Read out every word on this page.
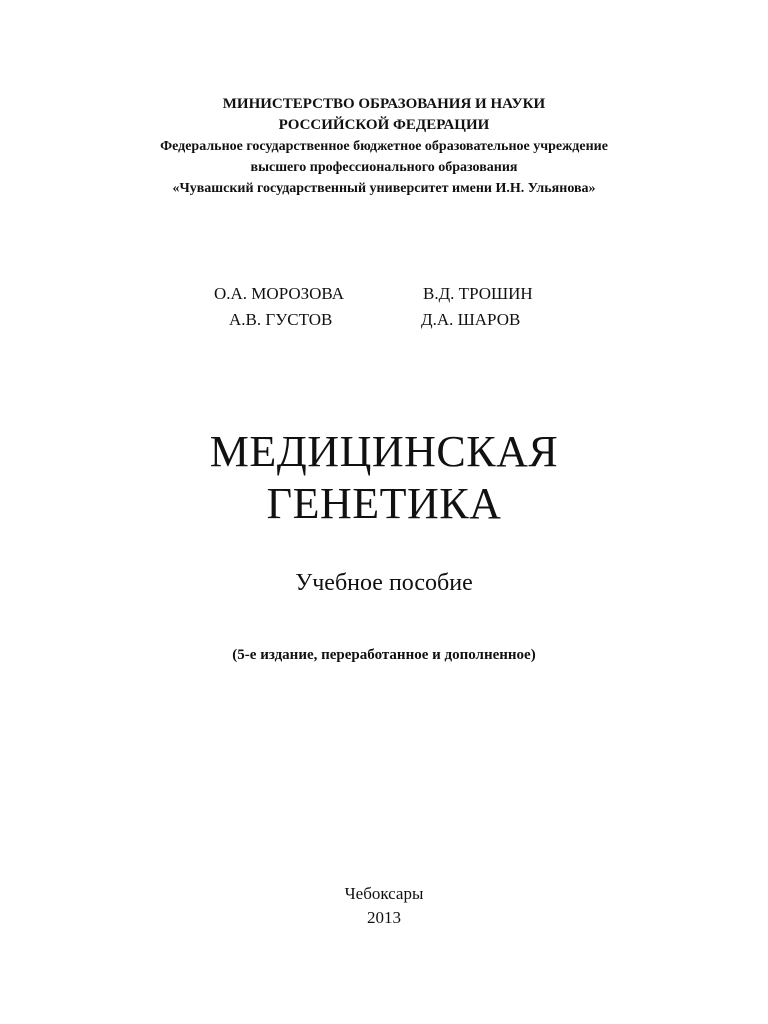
МИНИСТЕРСТВО ОБРАЗОВАНИЯ И НАУКИ
РОССИЙСКОЙ ФЕДЕРАЦИИ
Федеральное государственное бюджетное образовательное учреждение
высшего профессионального образования
«Чувашский государственный университет имени И.Н. Ульянова»
О.А. МОРОЗОВА	В.Д. ТРОШИН
А.В. ГУСТОВ	Д.А. ШАРОВ
МЕДИЦИНСКАЯ
ГЕНЕТИКА
Учебное пособие
(5-е издание, переработанное и дополненное)
Чебоксары
2013
